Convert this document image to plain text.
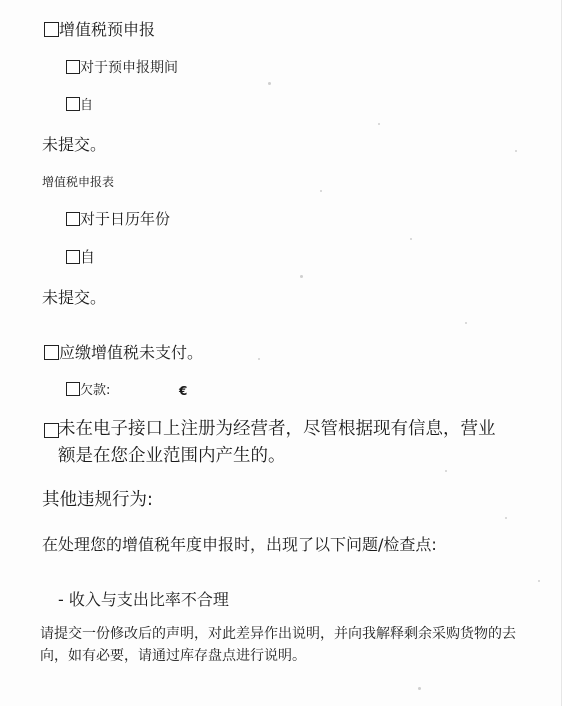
增值税预申报
对于预申报期间
自
未提交。
增值税申报表
对于日历年份
自
未提交。
应缴增值税未支付。
欠款:	€
未在电子接口上注册为经营者，尽管根据现有信息，营业额是在您企业范围内产生的。
其他违规行为:
在处理您的增值税年度申报时，出现了以下问题/检查点:
- 收入与支出比率不合理
请提交一份修改后的声明，对此差异作出说明，并向我解释剩余采购货物的去向，如有必要，请通过库存盘点进行说明。
